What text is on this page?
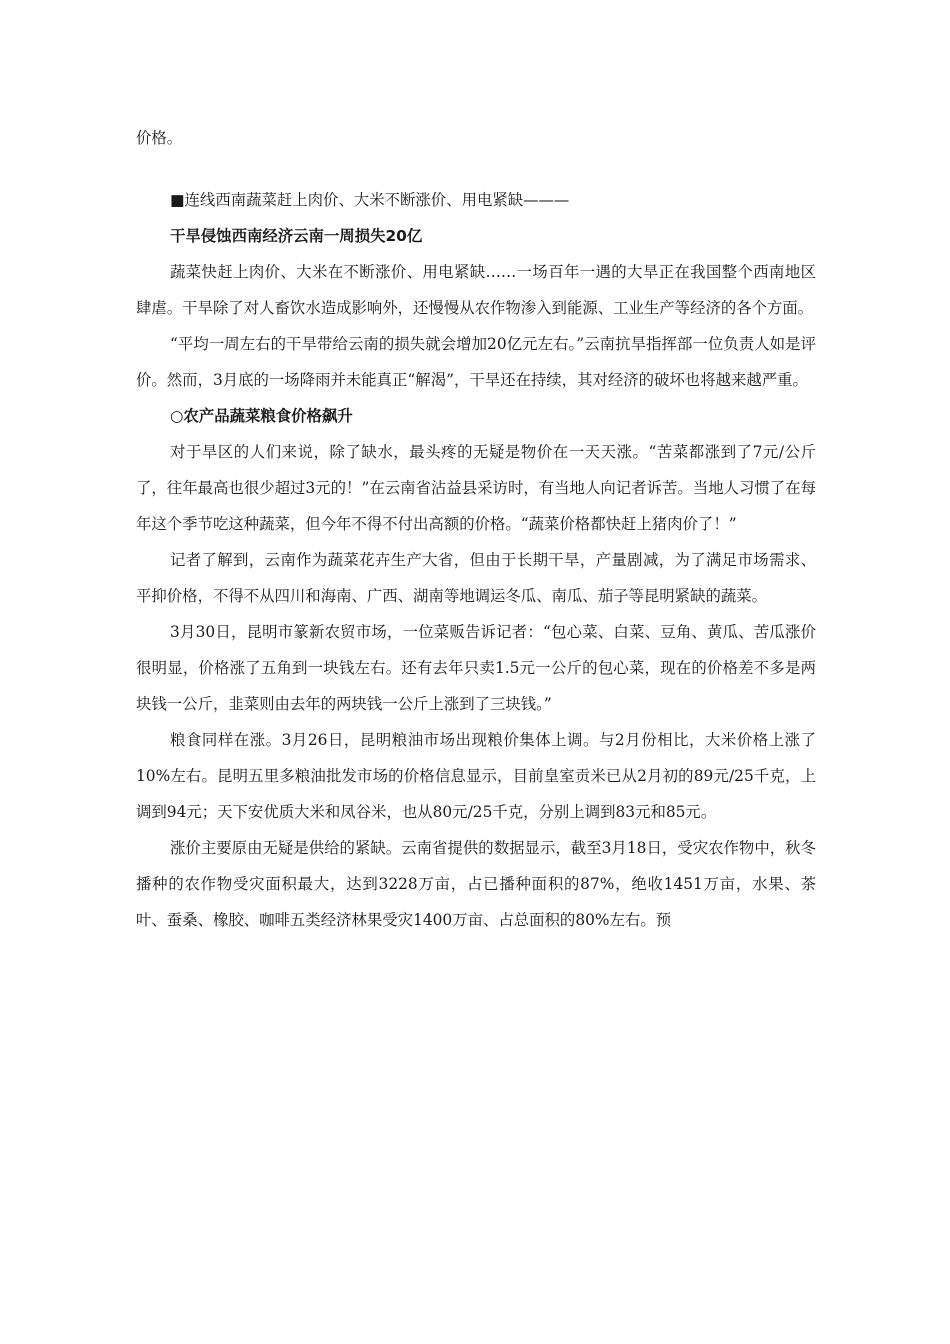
价格。

■连线西南蔬菜赶上肉价、大米不断涨价、用电紧缺———

干旱侵蚀西南经济云南一周损失20亿

蔬菜快赶上肉价、大米在不断涨价、用电紧缺……一场百年一遇的大旱正在我国整个西南地区肆虐。干旱除了对人畜饮水造成影响外，还慢慢从农作物渗入到能源、工业生产等经济的各个方面。

“平均一周左右的干旱带给云南的损失就会增加20亿元左右。”云南抗旱指挥部一位负责人如是评价。然而，3月底的一场降雨并未能真正“解渴”，干旱还在持续，其对经济的破坏也将越来越严重。

○农产品蔬菜粮食价格飙升

对于旱区的人们来说，除了缺水，最头疼的无疑是物价在一天天涨。“苦菜都涨到了7元/公斤了，往年最高也很少超过3元的！”在云南省沾益县采访时，有当地人向记者诉苦。当地人习惯了在每年这个季节吃这种蔬菜，但今年不得不付出高额的价格。“蔬菜价格都快赶上猪肉价了！”

记者了解到，云南作为蔬菜花卉生产大省，但由于长期干旱，产量剧减，为了满足市场需求、平抑价格，不得不从四川和海南、广西、湖南等地调运冬瓜、南瓜、茄子等昆明紧缺的蔬菜。

3月30日，昆明市篆新农贸市场，一位菜贩告诉记者：“包心菜、白菜、豆角、黄瓜、苦瓜涨价很明显，价格涨了五角到一块钱左右。还有去年只卖1.5元一公斤的包心菜，现在的价格差不多是两块钱一公斤，韭菜则由去年的两块钱一公斤上涨到了三块钱。”

粮食同样在涨。3月26日，昆明粮油市场出现粮价集体上调。与2月份相比，大米价格上涨了10%左右。昆明五里多粮油批发市场的价格信息显示，目前皇室贡米已从2月初的89元/25千克，上调到94元；天下安优质大米和凤谷米，也从80元/25千克，分别上调到83元和85元。

涨价主要原由无疑是供给的紧缺。云南省提供的数据显示，截至3月18日，受灾农作物中，秋冬播种的农作物受灾面积最大，达到3228万亩，占已播种面积的87%，绝收1451万亩，水果、茶叶、蚕桑、橡胶、咖啡五类经济林果受灾1400万亩、占总面积的80%左右。预
